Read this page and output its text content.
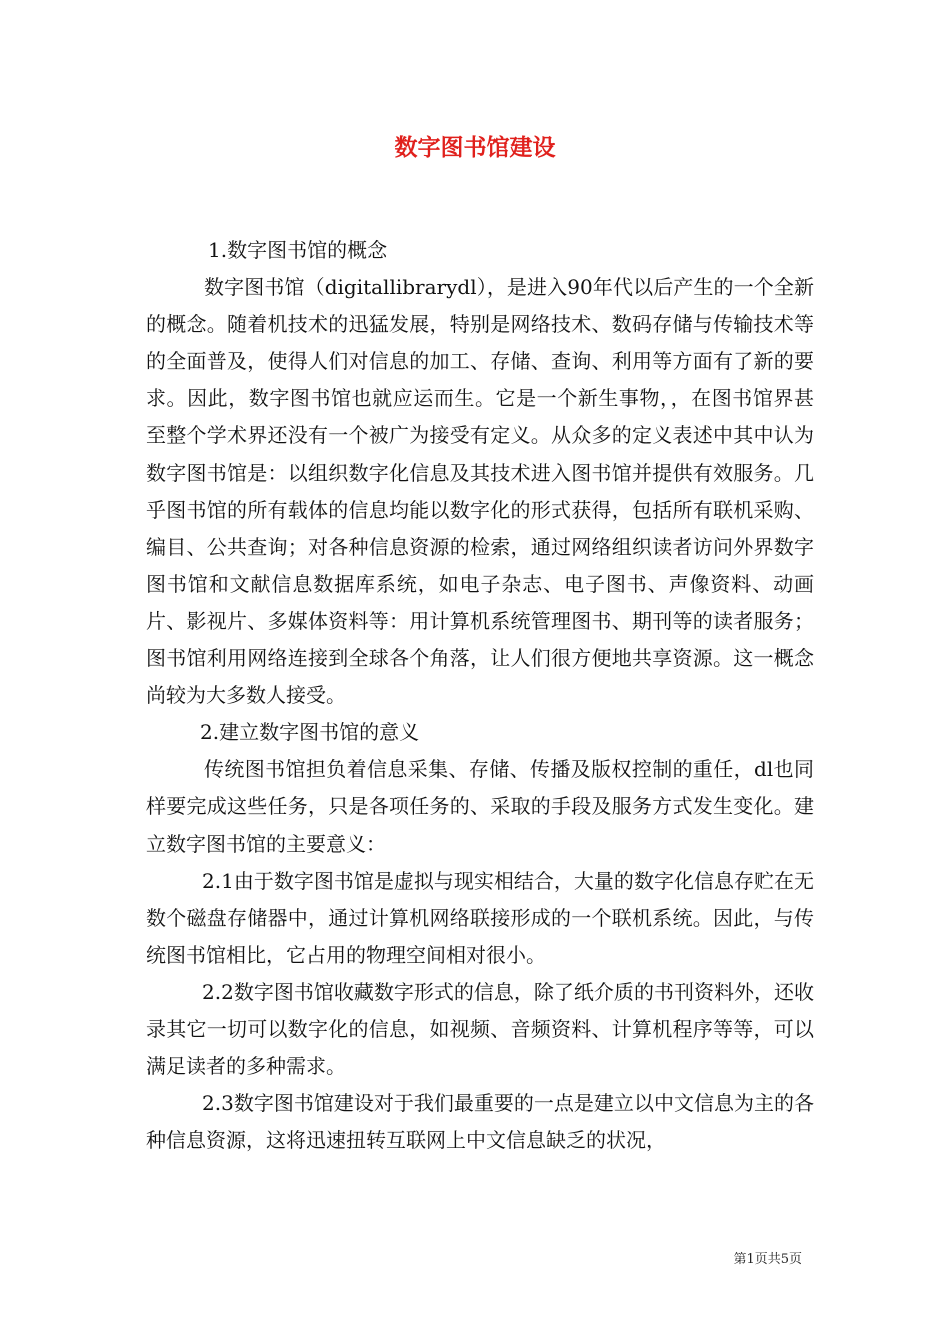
数字图书馆建设

1.数字图书馆的概念

数字图书馆（digitallibrarydl），是进入90年代以后产生的一个全新的概念。随着机技术的迅猛发展，特别是网络技术、数码存储与传输技术等的全面普及，使得人们对信息的加工、存储、查询、利用等方面有了新的要求。因此，数字图书馆也就应运而生。它是一个新生事物，，在图书馆界甚至整个学术界还没有一个被广为接受有定义。从众多的定义表述中其中认为数字图书馆是：以组织数字化信息及其技术进入图书馆并提供有效服务。几乎图书馆的所有载体的信息均能以数字化的形式获得，包括所有联机采购、编目、公共查询；对各种信息资源的检索，通过网络组织读者访问外界数字图书馆和文献信息数据库系统，如电子杂志、电子图书、声像资料、动画片、影视片、多媒体资料等：用计算机系统管理图书、期刊等的读者服务；图书馆利用网络连接到全球各个角落，让人们很方便地共享资源。这一概念尚较为大多数人接受。

2.建立数字图书馆的意义

传统图书馆担负着信息采集、存储、传播及版权控制的重任，dl也同样要完成这些任务，只是各项任务的、采取的手段及服务方式发生变化。建立数字图书馆的主要意义：

2.1由于数字图书馆是虚拟与现实相结合，大量的数字化信息存贮在无数个磁盘存储器中，通过计算机网络联接形成的一个联机系统。因此，与传统图书馆相比，它占用的物理空间相对很小。

2.2数字图书馆收藏数字形式的信息，除了纸介质的书刊资料外，还收录其它一切可以数字化的信息，如视频、音频资料、计算机程序等等，可以满足读者的多种需求。

2.3数字图书馆建设对于我们最重要的一点是建立以中文信息为主的各种信息资源，这将迅速扭转互联网上中文信息缺乏的状况，

第1页共5页
